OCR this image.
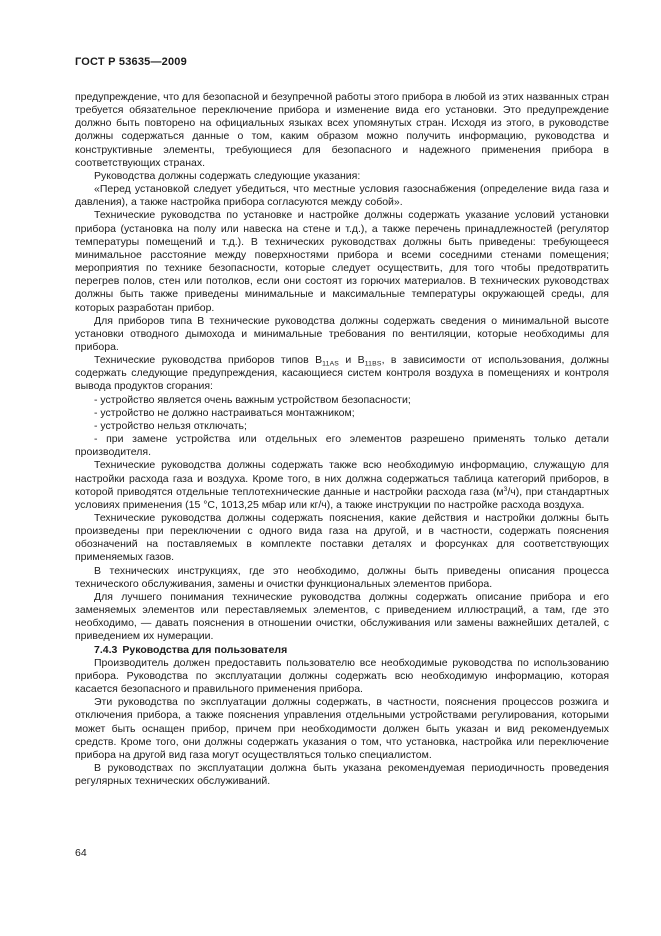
ГОСТ Р 53635—2009

предупреждение, что для безопасной и безупречной работы этого прибора в любой из этих названных стран требуется обязательное переключение прибора и изменение вида его установки. Это предупреждение должно быть повторено на официальных языках всех упомянутых стран. Исходя из этого, в руководстве должны содержаться данные о том, каким образом можно получить информацию, руководства и конструктивные элементы, требующиеся для безопасного и надежного применения прибора в соответствующих странах.

Руководства должны содержать следующие указания:

«Перед установкой следует убедиться, что местные условия газоснабжения (определение вида газа и давления), а также настройка прибора согласуются между собой».

Технические руководства по установке и настройке должны содержать указание условий установки прибора (установка на полу или навеска на стене и т.д.), а также перечень принадлежностей (регулятор температуры помещений и т.д.). В технических руководствах должны быть приведены: требующееся минимальное расстояние между поверхностями прибора и всеми соседними стенами помещения; мероприятия по технике безопасности, которые следует осуществить, для того чтобы предотвратить перегрев полов, стен или потолков, если они состоят из горючих материалов. В технических руководствах должны быть также приведены минимальные и максимальные температуры окружающей среды, для которых разработан прибор.

Для приборов типа В технические руководства должны содержать сведения о минимальной высоте установки отводного дымохода и минимальные требования по вентиляции, которые необходимы для прибора.

Технические руководства приборов типов $В_{11AS}$ и $В_{11BS}$, в зависимости от использования, должны содержать следующие предупреждения, касающиеся систем контроля воздуха в помещениях и контроля вывода продуктов сгорания:

- устройство является очень важным устройством безопасности;

- устройство не должно настраиваться монтажником;

- устройство нельзя отключать;

- при замене устройства или отдельных его элементов разрешено применять только детали производителя.

Технические руководства должны содержать также всю необходимую информацию, служащую для настройки расхода газа и воздуха. Кроме того, в них должна содержаться таблица категорий приборов, в которой приводятся отдельные теплотехнические данные и настройки расхода газа $(м^3/ч)$, при стандартных условиях применения (15 °С, 1013,25 мбар или кг/ч), а также инструкции по настройке расхода воздуха.

Технические руководства должны содержать пояснения, какие действия и настройки должны быть произведены при переключении с одного вида газа на другой, и в частности, содержать пояснения обозначений на поставляемых в комплекте поставки деталях и форсунках для соответствующих применяемых газов.

В технических инструкциях, где это необходимо, должны быть приведены описания процесса технического обслуживания, замены и очистки функциональных элементов прибора.

Для лучшего понимания технические руководства должны содержать описание прибора и его заменяемых элементов или переставляемых элементов, с приведением иллюстраций, а там, где это необходимо, — давать пояснения в отношении очистки, обслуживания или замены важнейших деталей, с приведением их нумерации.

7.4.3 Руководства для пользователя

Производитель должен предоставить пользователю все необходимые руководства по использованию прибора. Руководства по эксплуатации должны содержать всю необходимую информацию, которая касается безопасного и правильного применения прибора.

Эти руководства по эксплуатации должны содержать, в частности, пояснения процессов розжига и отключения прибора, а также пояснения управления отдельными устройствами регулирования, которыми может быть оснащен прибор, причем при необходимости должен быть указан и вид рекомендуемых средств. Кроме того, они должны содержать указания о том, что установка, настройка или переключение прибора на другой вид газа могут осуществляться только специалистом.

В руководствах по эксплуатации должна быть указана рекомендуемая периодичность проведения регулярных технических обслуживаний.

64
